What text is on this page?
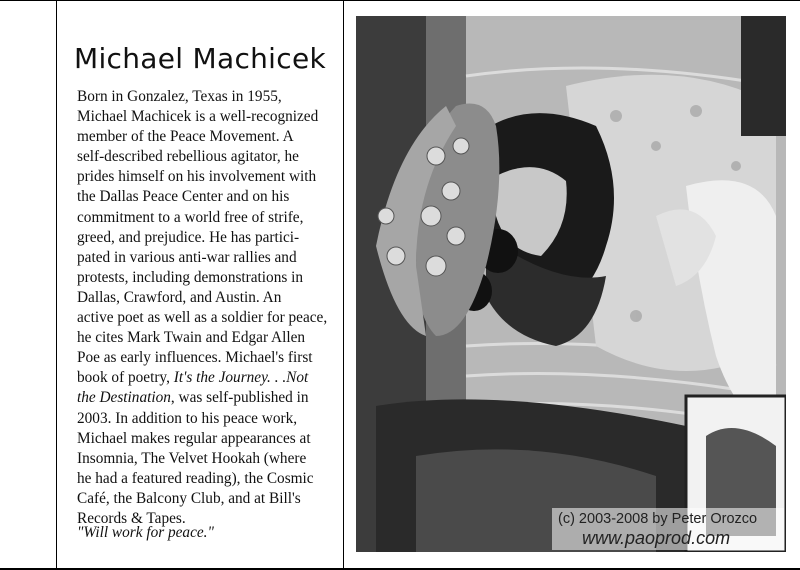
Michael Machicek

Born in Gonzalez, Texas in 1955,
Michael Machicek is a well-recognized
member of the Peace Movement. A
self-described rebellious agitator, he
prides himself on his involvement with
the Dallas Peace Center and on his
commitment to a world free of strife,
greed, and prejudice. He has partici-
pated in various anti-war rallies and
protests, including demonstrations in
Dallas, Crawford, and Austin. An
active poet as well as a soldier for peace,
he cites Mark Twain and Edgar Allen
Poe as early influences. Michael's first
book of poetry, It's the Journey. . .Not
the Destination, was self-published in
2003. In addition to his peace work,
Michael makes regular appearances at
Insomnia, The Velvet Hookah (where
he had a featured reading), the Cosmic
Café, the Balcony Club, and at Bill's
Records & Tapes.

"Will work for peace."
(c) 2003-2008 by Peter Orozco
www.paoprod.com
